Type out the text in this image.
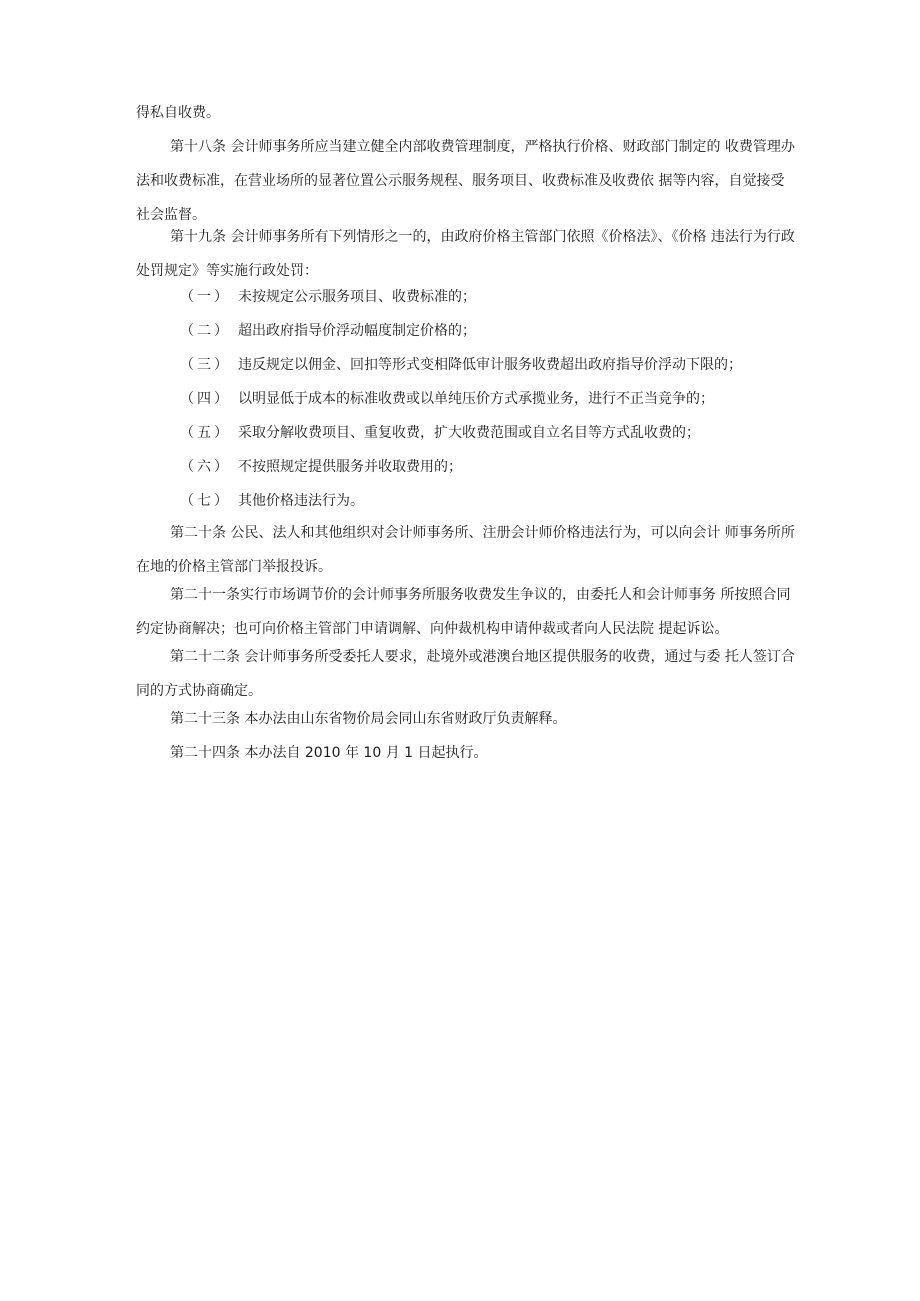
得私自收费。

第十八条 会计师事务所应当建立健全内部收费管理制度，严格执行价格、财政部门制定的 收费管理办法和收费标准，在营业场所的显著位置公示服务规程、服务项目、收费标准及收费依 据等内容，自觉接受社会监督。

第十九条 会计师事务所有下列情形之一的，由政府价格主管部门依照《价格法》、《价格 违法行为行政处罚规定》等实施行政处罚：

（一） 未按规定公示服务项目、收费标准的；
（二） 超出政府指导价浮动幅度制定价格的；
（三） 违反规定以佣金、回扣等形式变相降低审计服务收费超出政府指导价浮动下限的；
（四） 以明显低于成本的标准收费或以单纯压价方式承揽业务，进行不正当竞争的；
（五） 采取分解收费项目、重复收费，扩大收费范围或自立名目等方式乱收费的；
（六） 不按照规定提供服务并收取费用的；
（七） 其他价格违法行为。

第二十条 公民、法人和其他组织对会计师事务所、注册会计师价格违法行为，可以向会计 师事务所所在地的价格主管部门举报投诉。

第二十一条实行市场调节价的会计师事务所服务收费发生争议的，由委托人和会计师事务 所按照合同约定协商解决；也可向价格主管部门申请调解、向仲裁机构申请仲裁或者向人民法院 提起诉讼。

第二十二条 会计师事务所受委托人要求，赴境外或港澳台地区提供服务的收费，通过与委 托人签订合同的方式协商确定。

第二十三条 本办法由山东省物价局会同山东省财政厅负责解释。

第二十四条 本办法自 2010 年 10 月 1 日起执行。
